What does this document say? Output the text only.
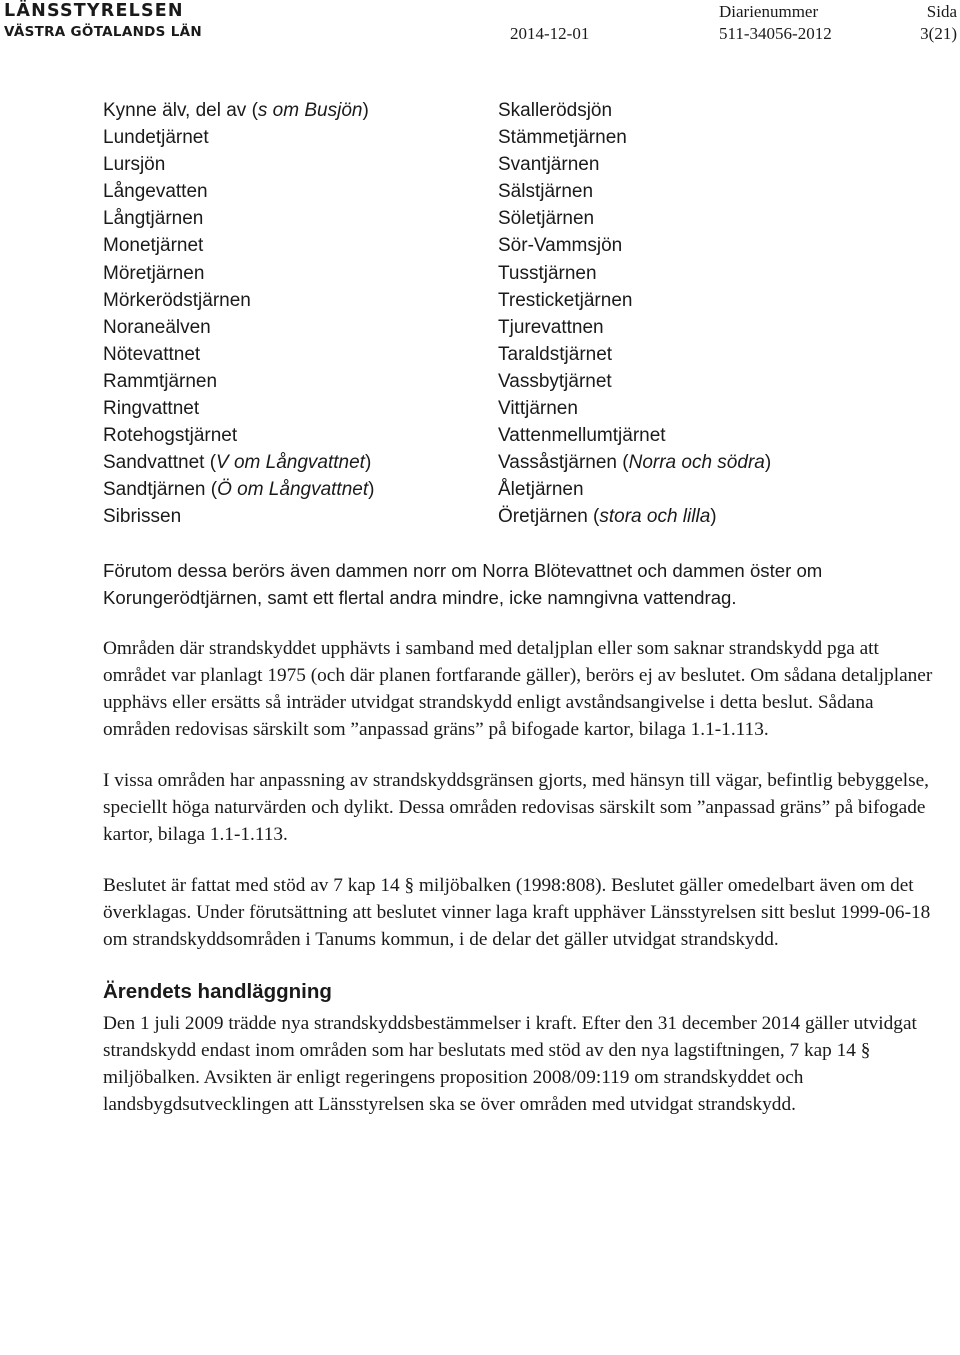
LÄNSSTYRELSEN
VÄSTRA GÖTALANDS LÄN	2014-12-01
Diarienummer
511-34056-2012
Sida
3(21)
Kynne älv, del av (s om Busjön)
Lundetjärnet
Lursjön
Långevatten
Långtjärnen
Monetjärnet
Möretjärnen
Mörkerödstjärnen
Noraneälven
Nötevattnet
Rammtjärnen
Ringvattnet
Rotehogstjärnet
Sandvattnet (V om Långvattnet)
Sandtjärnen (Ö om Långvattnet)
Sibrissen
Skallerödsjön
Stämmetjärnen
Svantjärnen
Sälstjärnen
Söletjärnen
Sör-Vammsjön
Tusstjärnen
Tresticketjärnen
Tjurevattnen
Taraldstjärnet
Vassbytjärnet
Vittjärnen
Vattenmellumtjärnet
Vassåstjärnen (Norra och södra)
Åletjärnen
Öretjärnen (stora och lilla)

Förutom dessa berörs även dammen norr om Norra Blötevattnet och dammen öster om Korungerödtjärnen, samt ett flertal andra mindre, icke namngivna vattendrag.

Områden där strandskyddet upphävts i samband med detaljplan eller som saknar strandskydd pga att området var planlagt 1975 (och där planen fortfarande gäller), berörs ej av beslutet. Om sådana detaljplaner upphävs eller ersätts så inträder utvidgat strandskydd enligt avståndsangivelse i detta beslut. Sådana områden redovisas särskilt som ”anpassad gräns” på bifogade kartor, bilaga 1.1-1.113.

I vissa områden har anpassning av strandskyddsgränsen gjorts, med hänsyn till vägar, befintlig bebyggelse, speciellt höga naturvärden och dylikt. Dessa områden redovisas särskilt som ”anpassad gräns” på bifogade kartor, bilaga 1.1-1.113.

Beslutet är fattat med stöd av 7 kap 14 § miljöbalken (1998:808). Beslutet gäller omedelbart även om det överklagas. Under förutsättning att beslutet vinner laga kraft upphäver Länsstyrelsen sitt beslut 1999-06-18 om strandskyddsområden i Tanums kommun, i de delar det gäller utvidgat strandskydd.

Ärendets handläggning

Den 1 juli 2009 trädde nya strandskyddsbestämmelser i kraft. Efter den 31 december 2014 gäller utvidgat strandskydd endast inom områden som har beslutats med stöd av den nya lagstiftningen, 7 kap 14 § miljöbalken. Avsikten är enligt regeringens proposition 2008/09:119 om strandskyddet och landsbygdsutvecklingen att Länsstyrelsen ska se över områden med utvidgat strandskydd.
